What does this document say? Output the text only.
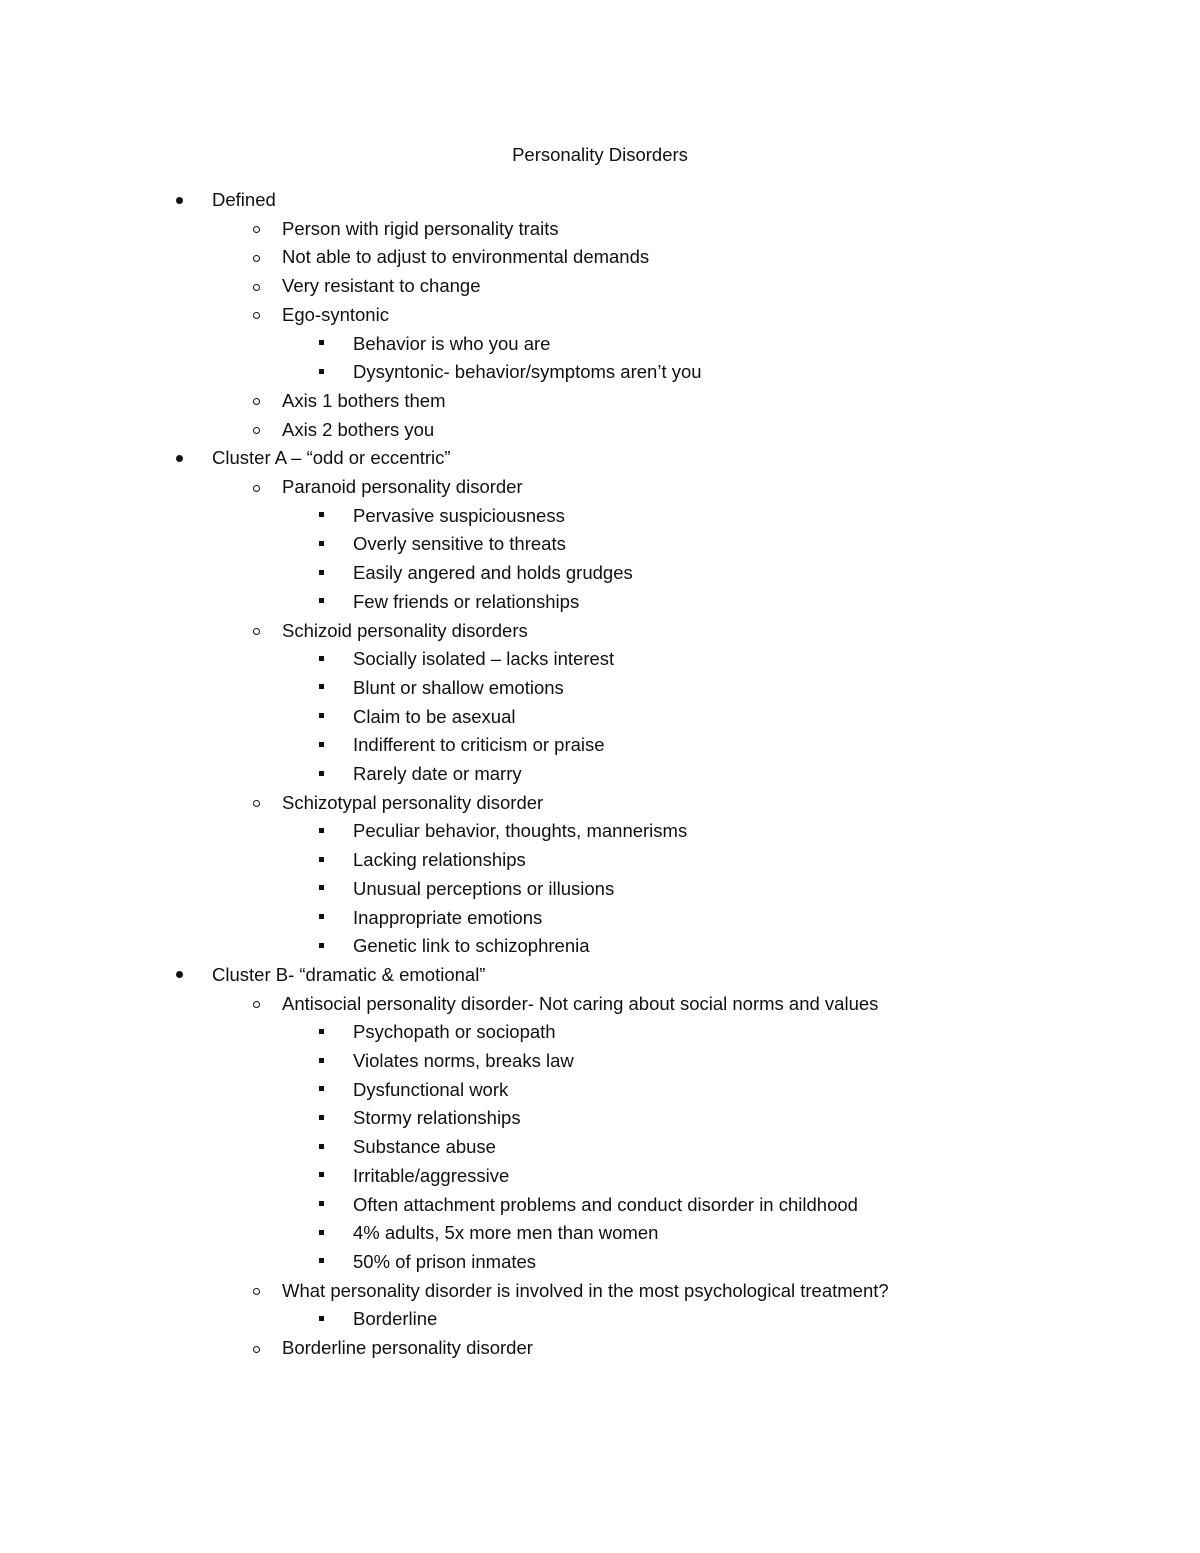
Personality Disorders
Defined
Person with rigid personality traits
Not able to adjust to environmental demands
Very resistant to change
Ego-syntonic
Behavior is who you are
Dysyntonic- behavior/symptoms aren’t you
Axis 1 bothers them
Axis 2 bothers you
Cluster A – “odd or eccentric”
Paranoid personality disorder
Pervasive suspiciousness
Overly sensitive to threats
Easily angered and holds grudges
Few friends or relationships
Schizoid personality disorders
Socially isolated – lacks interest
Blunt or shallow emotions
Claim to be asexual
Indifferent to criticism or praise
Rarely date or marry
Schizotypal personality disorder
Peculiar behavior, thoughts, mannerisms
Lacking relationships
Unusual perceptions or illusions
Inappropriate emotions
Genetic link to schizophrenia
Cluster B- “dramatic & emotional”
Antisocial personality disorder- Not caring about social norms and values
Psychopath or sociopath
Violates norms, breaks law
Dysfunctional work
Stormy relationships
Substance abuse
Irritable/aggressive
Often attachment problems and conduct disorder in childhood
4% adults, 5x more men than women
50% of prison inmates
What personality disorder is involved in the most psychological treatment?
Borderline
Borderline personality disorder
